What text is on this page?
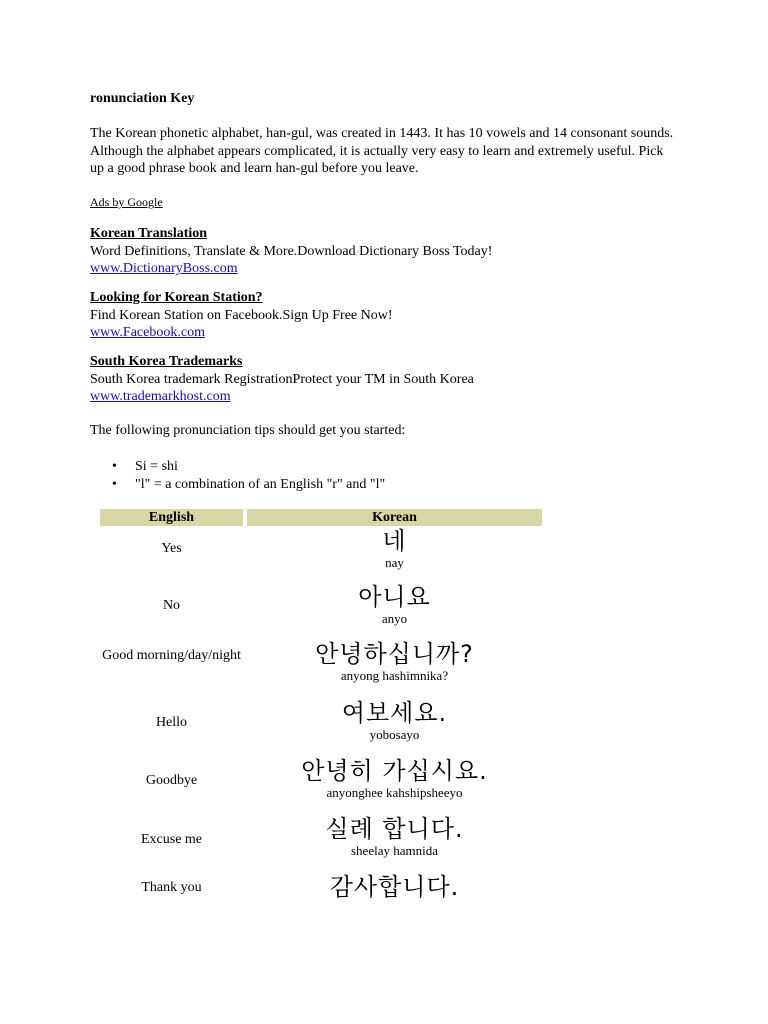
ronunciation Key
The Korean phonetic alphabet, han-gul, was created in 1443. It has 10 vowels and 14 consonant sounds. Although the alphabet appears complicated, it is actually very easy to learn and extremely useful. Pick up a good phrase book and learn han-gul before you leave.
Ads by Google
Korean Translation
Word Definitions, Translate & More.Download Dictionary Boss Today!
www.DictionaryBoss.com
Looking for Korean Station?
Find Korean Station on Facebook.Sign Up Free Now!
www.Facebook.com
South Korea Trademarks
South Korea trademark RegistrationProtect your TM in South Korea
www.trademarkhost.com
The following pronunciation tips should get you started:
• Si = shi
• "l" = a combination of an English "r" and "l"
English	Korean
Yes	네
nay
No	아니요
anyo
Good morning/day/night	안녕하십니까?
anyong hashimnika?
Hello	여보세요.
yobosayo
Goodbye	안녕히 가십시요.
anyonghee kahshipsheeyo
Excuse me	실례 합니다.
sheelay hamnida
Thank you	감사합니다.
